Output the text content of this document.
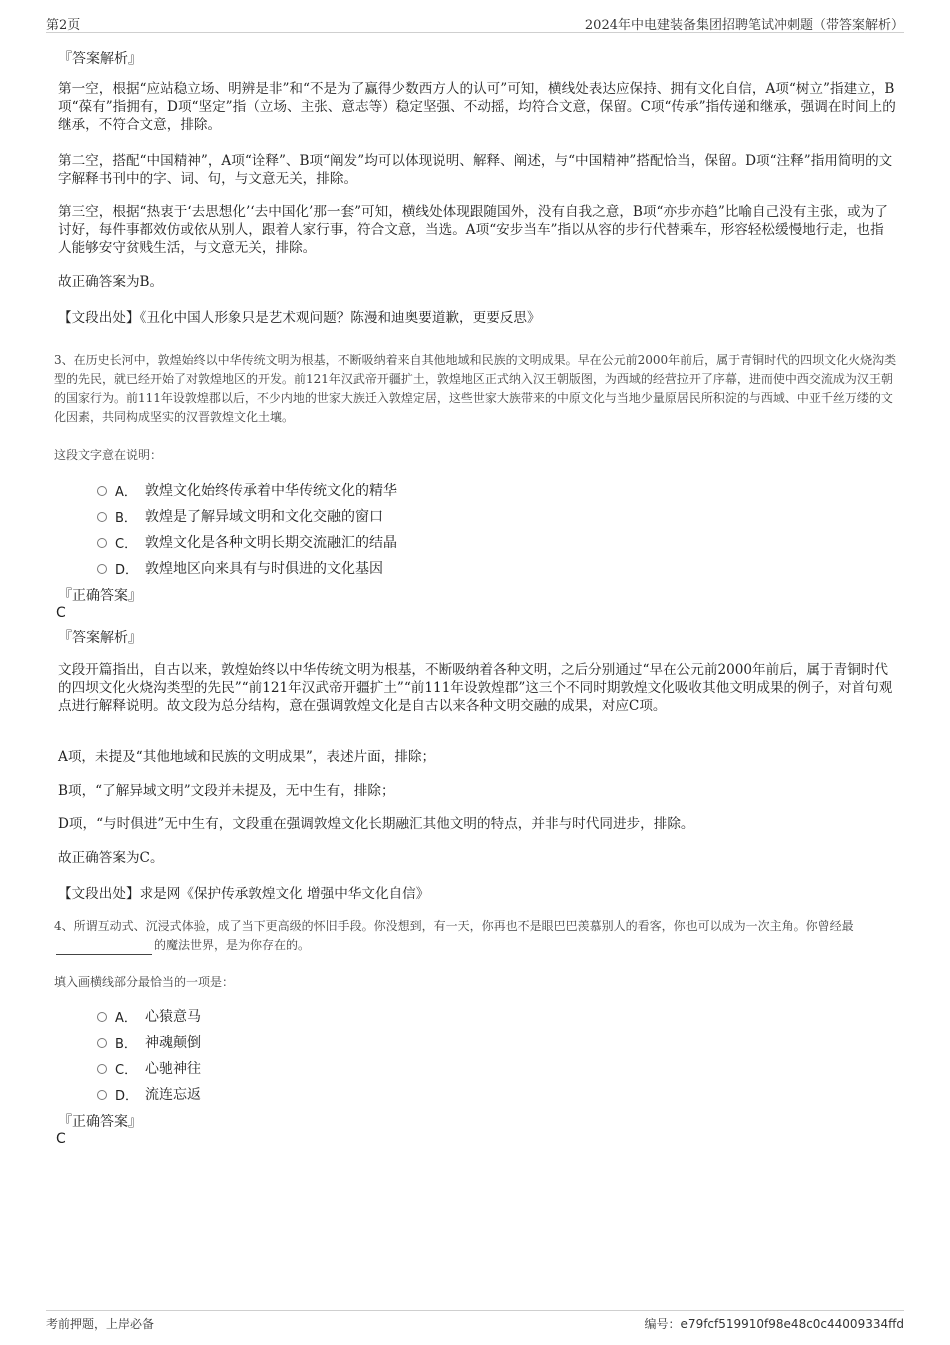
第2页	2024年中电建装备集团招聘笔试冲刺题（带答案解析）
『答案解析』
第一空，根据“应站稳立场、明辨是非”和“不是为了赢得少数西方人的认可”可知，横线处表达应保持、拥有文化自信，A项“树立”指建立，B项“葆有”指拥有，D项“坚定”指（立场、主张、意志等）稳定坚强、不动摇，均符合文意，保留。C项“传承”指传递和继承，强调在时间上的继承，不符合文意，排除。
第二空，搭配“中国精神”，A项“诠释”、B项“阐发”均可以体现说明、解释、阐述，与“中国精神”搭配恰当，保留。D项“注释”指用简明的文字解释书刊中的字、词、句，与文意无关，排除。
第三空，根据“热衷于‘去思想化’‘去中国化’那一套”可知，横线处体现跟随国外，没有自我之意，B项“亦步亦趋”比喻自己没有主张，或为了讨好，每件事都效仿或依从别人，跟着人家行事，符合文意，当选。A项“安步当车”指以从容的步行代替乘车，形容轻松缓慢地行走，也指人能够安守贫贱生活，与文意无关，排除。
故正确答案为B。
【文段出处】《丑化中国人形象只是艺术观问题？陈漫和迪奥要道歉，更要反思》
3、在历史长河中，敦煌始终以中华传统文明为根基，不断吸纳着来自其他地域和民族的文明成果。早在公元前2000年前后，属于青铜时代的四坝文化火烧沟类型的先民，就已经开始了对敦煌地区的开发。前121年汉武帝开疆扩土，敦煌地区正式纳入汉王朝版图，为西域的经营拉开了序幕，进而使中西交流成为汉王朝的国家行为。前111年设敦煌郡以后，不少内地的世家大族迁入敦煌定居，这些世家大族带来的中原文化与当地少量原居民所积淀的与西域、中亚千丝万缕的文化因素，共同构成坚实的汉晋敦煌文化土壤。
这段文字意在说明：
A． 敦煌文化始终传承着中华传统文化的精华
B． 敦煌是了解异域文明和文化交融的窗口
C． 敦煌文化是各种文明长期交流融汇的结晶
D． 敦煌地区向来具有与时俱进的文化基因
『正确答案』
C
『答案解析』
文段开篇指出，自古以来，敦煌始终以中华传统文明为根基，不断吸纳着各种文明，之后分别通过“早在公元前2000年前后，属于青铜时代的四坝文化火烧沟类型的先民”“前121年汉武帝开疆扩土”“前111年设敦煌郡”这三个不同时期敦煌文化吸收其他文明成果的例子，对首句观点进行解释说明。故文段为总分结构，意在强调敦煌文化是自古以来各种文明交融的成果，对应C项。
A项，未提及“其他地域和民族的文明成果”，表述片面，排除；
B项，“了解异域文明”文段并未提及，无中生有，排除；
D项，“与时俱进”无中生有，文段重在强调敦煌文化长期融汇其他文明的特点，并非与时代同进步，排除。
故正确答案为C。
【文段出处】求是网《保护传承敦煌文化 增强中华文化自信》
4、所谓互动式、沉浸式体验，成了当下更高级的怀旧手段。你没想到，有一天，你再也不是眼巴巴羡慕别人的看客，你也可以成为一次主角。你曾经最的魔法世界，是为你存在的。
填入画横线部分最恰当的一项是：
A． 心猿意马
B． 神魂颠倒
C． 心驰神往
D． 流连忘返
『正确答案』
C
考前押题，上岸必备	编号：e79fcf519910f98e48c0c44009334ffd
